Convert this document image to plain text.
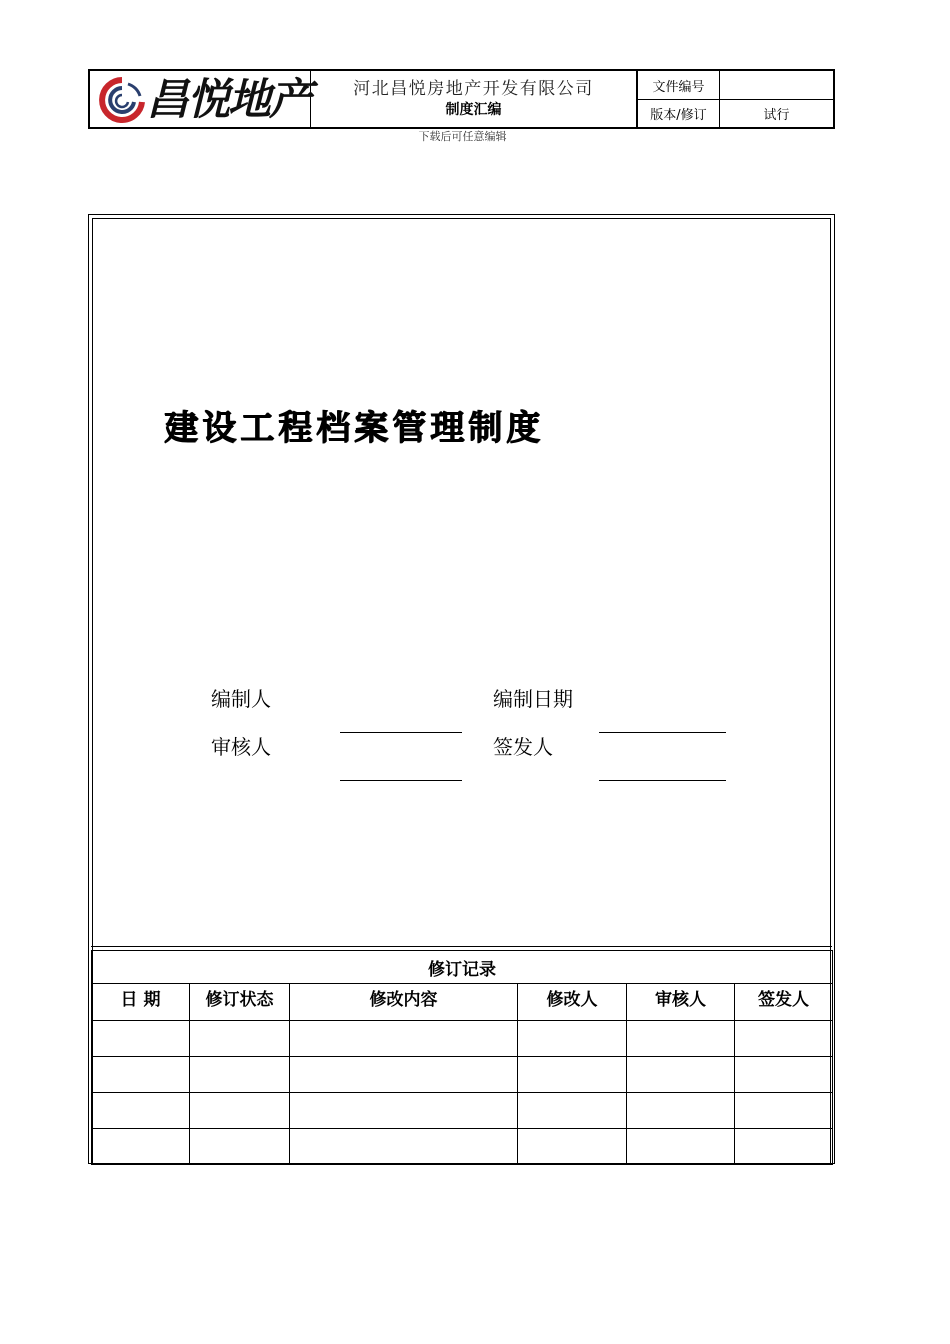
昌悦地产	河北昌悦房地产开发有限公司
制度汇编
文件编号
版本/修订	试行
下载后可任意编辑
建设工程档案管理制度
编制人	编制日期
审核人	签发人
修订记录					
日 期	修订状态	修改内容	修改人	审核人	签发人
